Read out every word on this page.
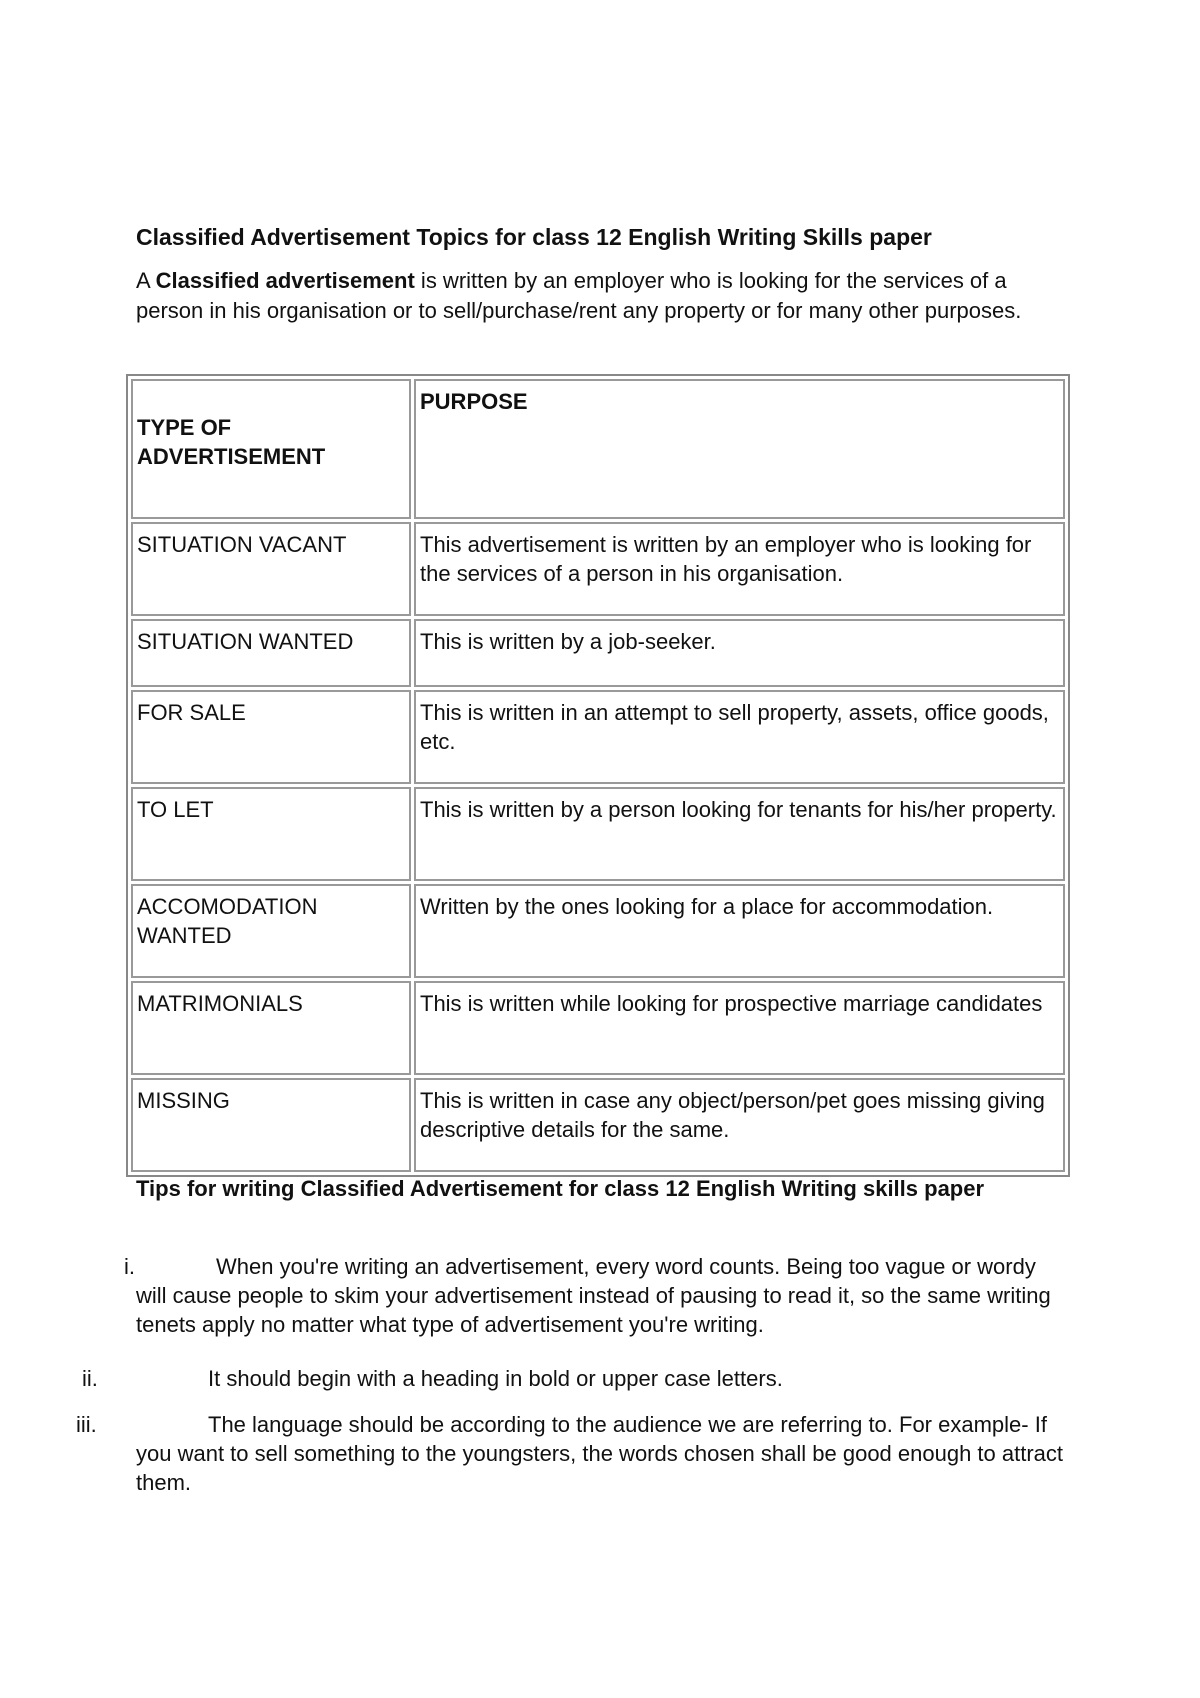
Classified Advertisement Topics for class 12 English Writing Skills paper

A Classified advertisement is written by an employer who is looking for the services of a person in his organisation or to sell/purchase/rent any property or for many other purposes.

TYPE OF ADVERTISEMENT	PURPOSE
SITUATION VACANT	This advertisement is written by an employer who is looking for the services of a person in his organisation.
SITUATION WANTED	This is written by a job-seeker.
FOR SALE	This is written in an attempt to sell property, assets, office goods, etc.
TO LET	This is written by a person looking for tenants for his/her property.
ACCOMODATION WANTED	Written by the ones looking for a place for accommodation.
MATRIMONIALS	This is written while looking for prospective marriage candidates
MISSING	This is written in case any object/person/pet goes missing giving descriptive details for the same.
Tips for writing Classified Advertisement for class 12 English Writing skills paper
i.	When you're writing an advertisement, every word counts. Being too vague or wordy will cause people to skim your advertisement instead of pausing to read it, so the same writing tenets apply no matter what type of advertisement you're writing.
ii.	It should begin with a heading in bold or upper case letters.
iii.	The language should be according to the audience we are referring to. For example- If you want to sell something to the youngsters, the words chosen shall be good enough to attract them.
